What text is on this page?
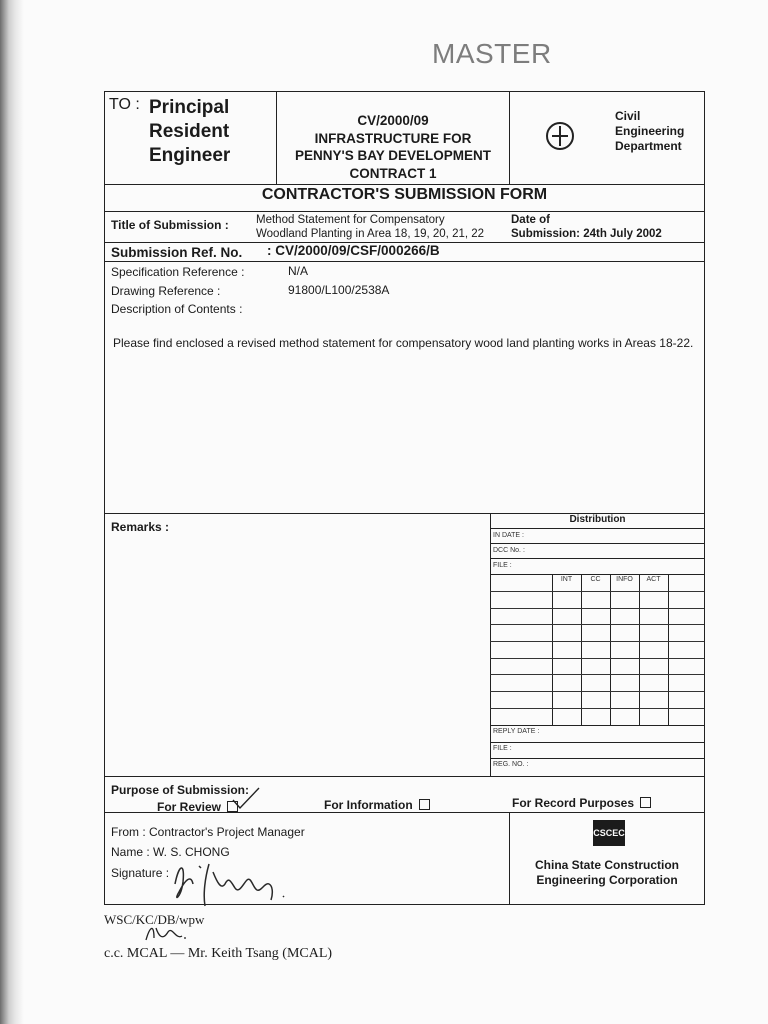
MASTER
TO : Principal
Resident
Engineer
CV/2000/09
INFRASTRUCTURE FOR
PENNY'S BAY DEVELOPMENT
CONTRACT 1
Civil
Engineering
Department
CONTRACTOR'S SUBMISSION FORM
Title of Submission : Method Statement for Compensatory
Woodland Planting in Area 18, 19, 20, 21, 22
Date of
Submission: 24th July 2002
Submission Ref. No. : CV/2000/09/CSF/000266/B
Specification Reference :	N/A
Drawing Reference :	91800/L100/2538A
Description of Contents :
Please find enclosed a revised method statement for compensatory wood land planting works in Areas 18-22.
Remarks :
Distribution
IN DATE :
DCC No. :
FILE :
INT	CC	INFO	ACT
REPLY DATE :
FILE :
REG. NO. :
Purpose of Submission:
For Review	For Information	For Record Purposes
From : Contractor's Project Manager
Name : W. S. CHONG
Signature :
CSCEC
China State Construction
Engineering Corporation
WSC/KC/DB/wpw
c.c. MCAL — Mr. Keith Tsang (MCAL)
